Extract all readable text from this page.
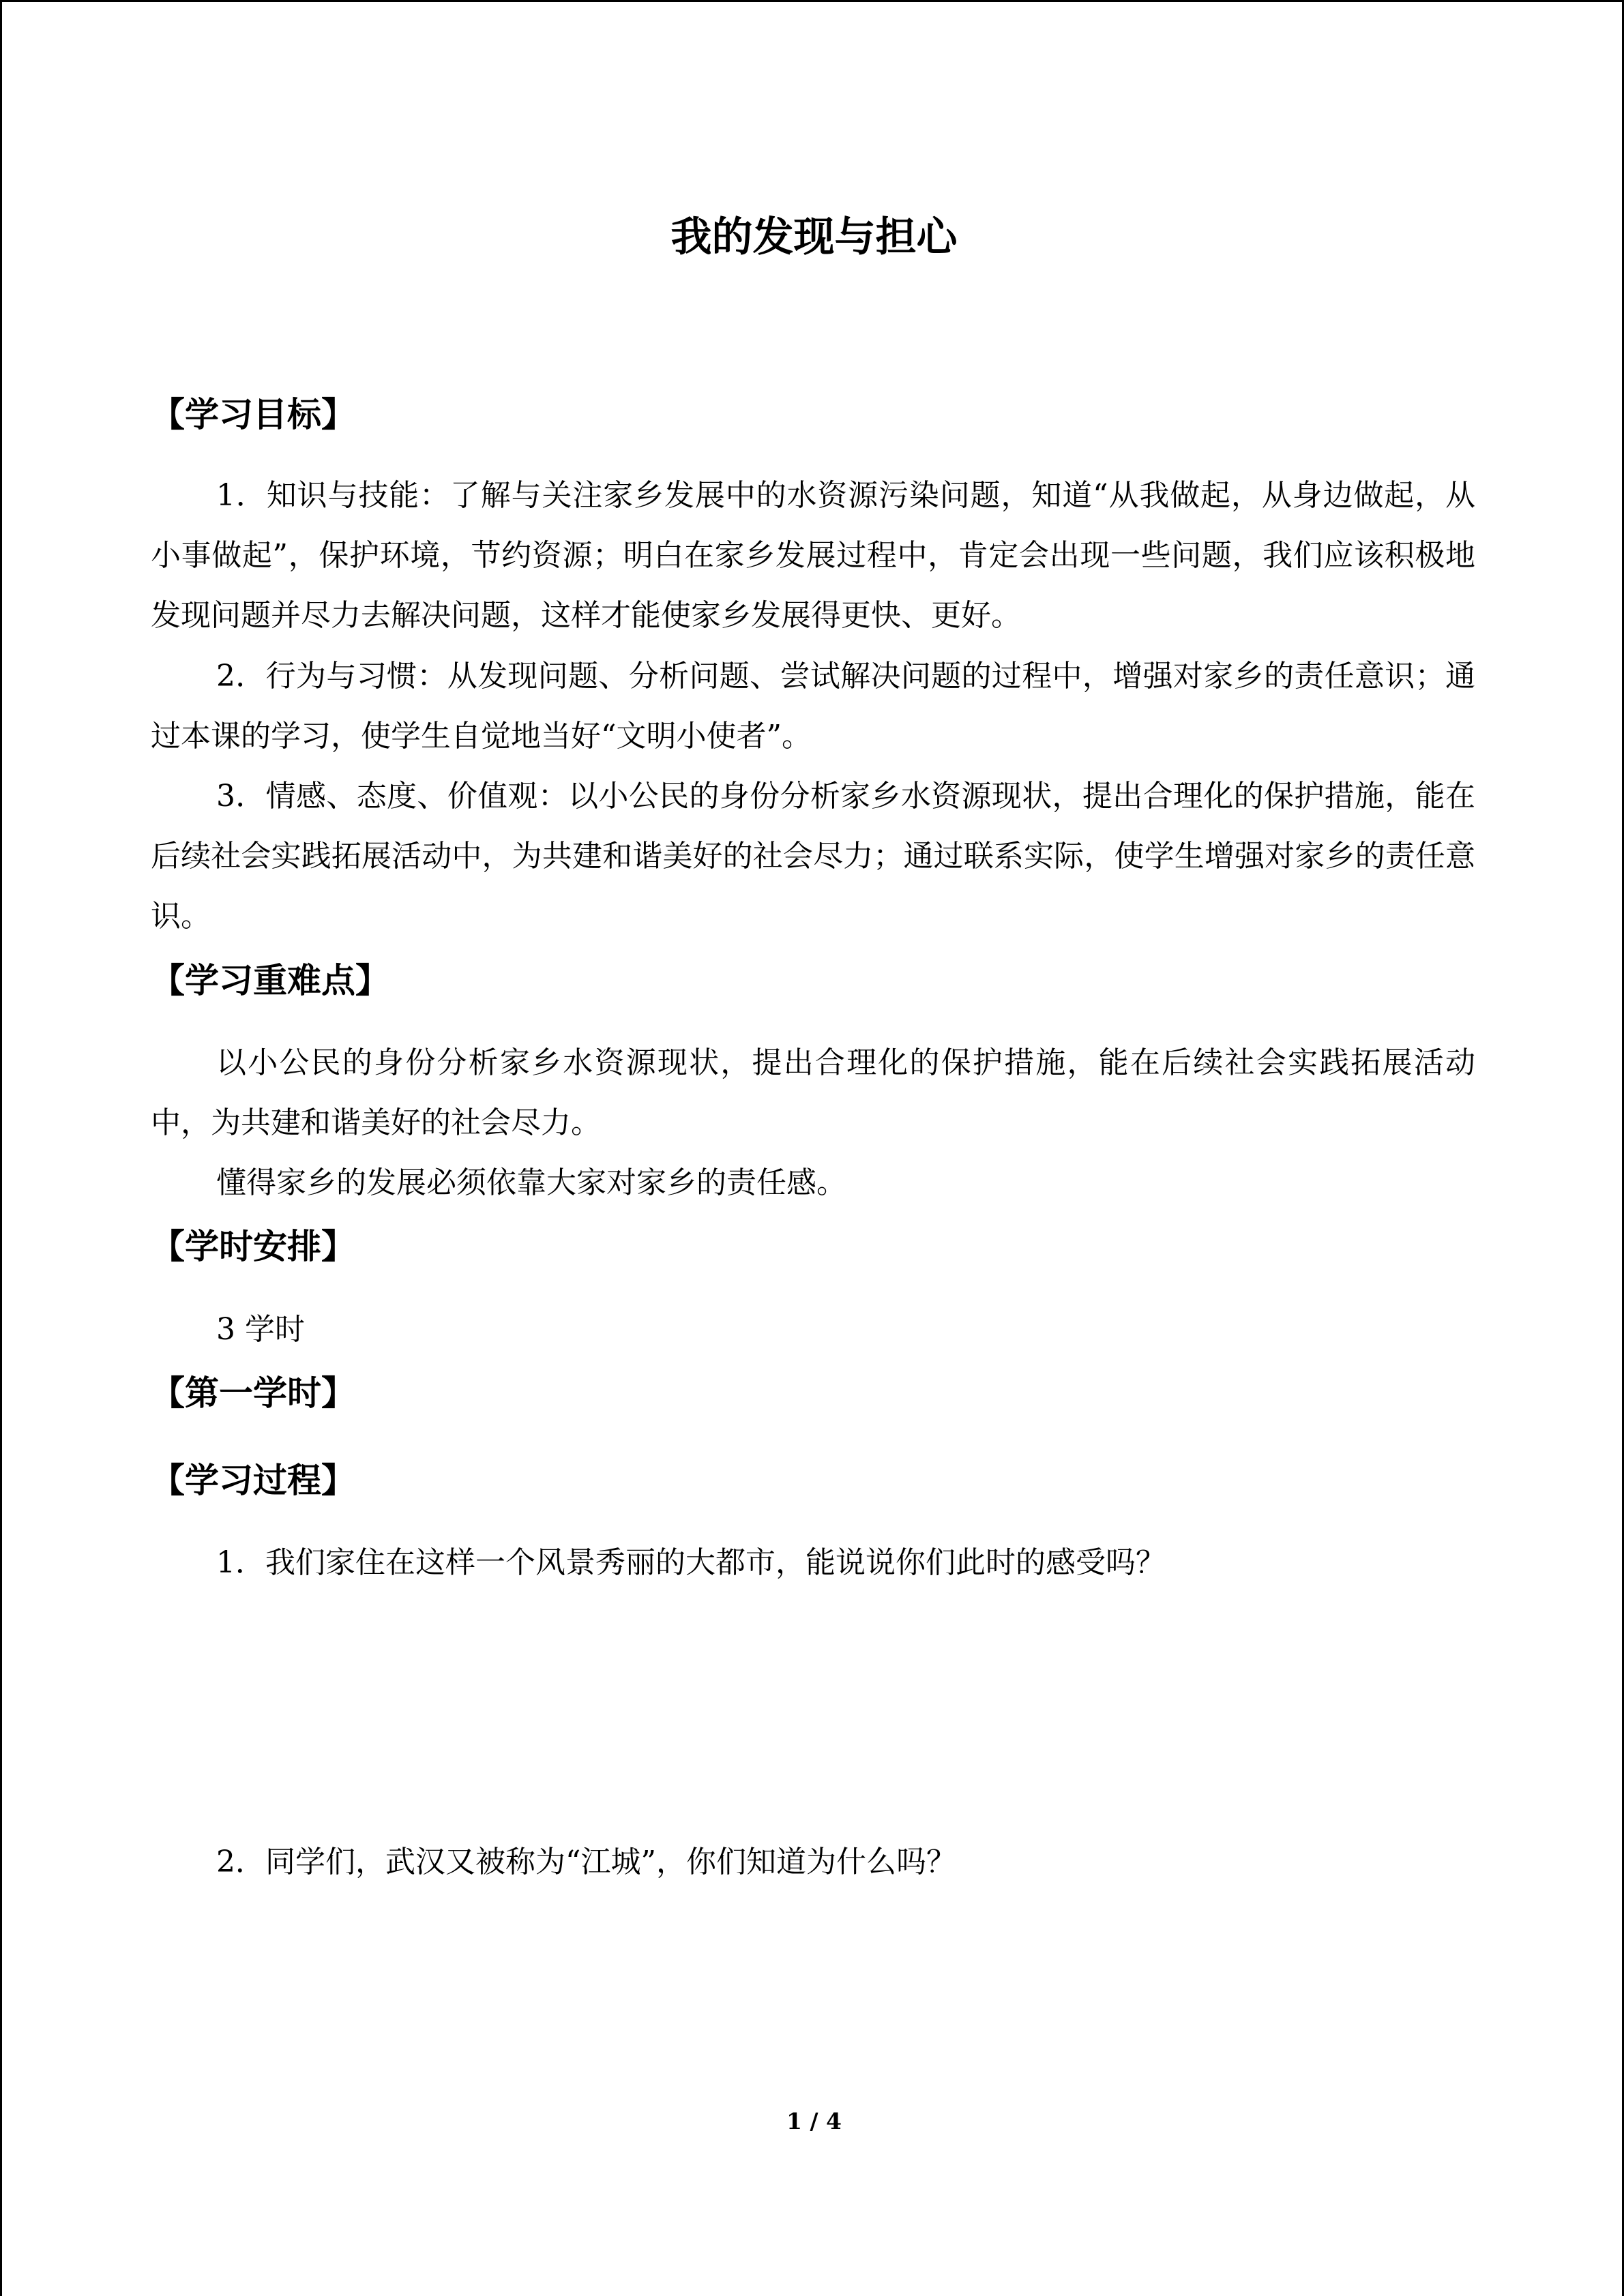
我的发现与担心
【学习目标】
1．知识与技能：了解与关注家乡发展中的水资源污染问题，知道“从我做起，从身边做起，从小事做起”，保护环境，节约资源；明白在家乡发展过程中，肯定会出现一些问题，我们应该积极地发现问题并尽力去解决问题，这样才能使家乡发展得更快、更好。
2．行为与习惯：从发现问题、分析问题、尝试解决问题的过程中，增强对家乡的责任意识；通过本课的学习，使学生自觉地当好“文明小使者”。
3．情感、态度、价值观：以小公民的身份分析家乡水资源现状，提出合理化的保护措施，能在后续社会实践拓展活动中，为共建和谐美好的社会尽力；通过联系实际，使学生增强对家乡的责任意识。
【学习重难点】
以小公民的身份分析家乡水资源现状，提出合理化的保护措施，能在后续社会实践拓展活动中，为共建和谐美好的社会尽力。
懂得家乡的发展必须依靠大家对家乡的责任感。
【学时安排】
3 学时
【第一学时】
【学习过程】
1．我们家住在这样一个风景秀丽的大都市，能说说你们此时的感受吗？
2．同学们，武汉又被称为“江城”，你们知道为什么吗？
1 / 4
